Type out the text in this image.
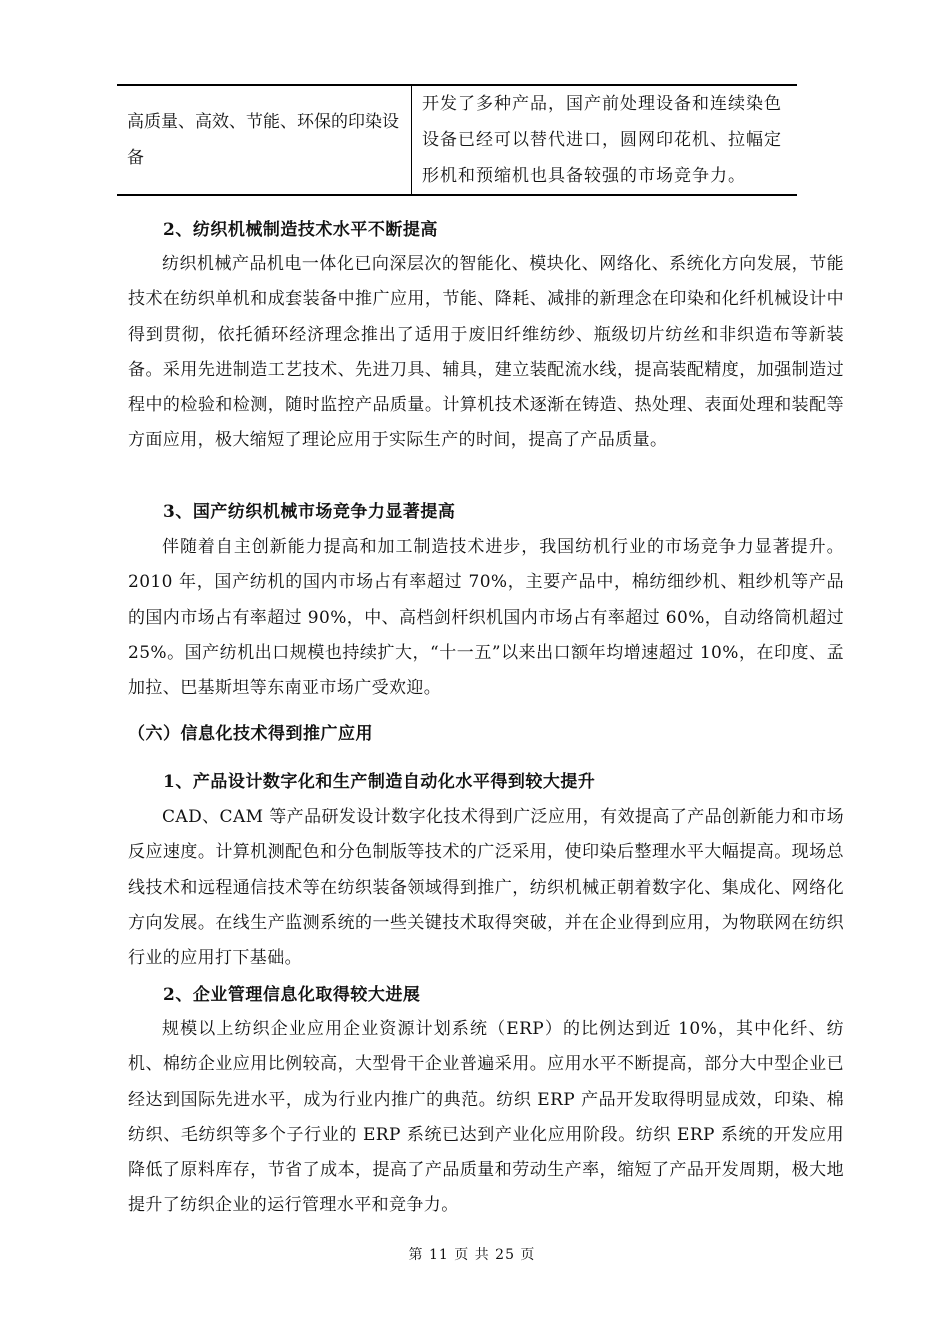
高质量、高效、节能、环保的印染设备	开发了多种产品，国产前处理设备和连续染色设备已经可以替代进口，圆网印花机、拉幅定形机和预缩机也具备较强的市场竞争力。
2、纺织机械制造技术水平不断提高
纺织机械产品机电一体化已向深层次的智能化、模块化、网络化、系统化方向发展，节能技术在纺织单机和成套装备中推广应用，节能、降耗、减排的新理念在印染和化纤机械设计中得到贯彻，依托循环经济理念推出了适用于废旧纤维纺纱、瓶级切片纺丝和非织造布等新装备。采用先进制造工艺技术、先进刀具、辅具，建立装配流水线，提高装配精度，加强制造过程中的检验和检测，随时监控产品质量。计算机技术逐渐在铸造、热处理、表面处理和装配等方面应用，极大缩短了理论应用于实际生产的时间，提高了产品质量。
3、国产纺织机械市场竞争力显著提高
伴随着自主创新能力提高和加工制造技术进步，我国纺机行业的市场竞争力显著提升。2010 年，国产纺机的国内市场占有率超过 70%，主要产品中，棉纺细纱机、粗纱机等产品的国内市场占有率超过 90%，中、高档剑杆织机国内市场占有率超过 60%，自动络筒机超过 25%。国产纺机出口规模也持续扩大，“十一五”以来出口额年均增速超过 10%，在印度、孟加拉、巴基斯坦等东南亚市场广受欢迎。
（六）信息化技术得到推广应用
1、产品设计数字化和生产制造自动化水平得到较大提升
CAD、CAM 等产品研发设计数字化技术得到广泛应用，有效提高了产品创新能力和市场反应速度。计算机测配色和分色制版等技术的广泛采用，使印染后整理水平大幅提高。现场总线技术和远程通信技术等在纺织装备领域得到推广，纺织机械正朝着数字化、集成化、网络化方向发展。在线生产监测系统的一些关键技术取得突破，并在企业得到应用，为物联网在纺织行业的应用打下基础。
2、企业管理信息化取得较大进展
规模以上纺织企业应用企业资源计划系统（ERP）的比例达到近 10%，其中化纤、纺机、棉纺企业应用比例较高，大型骨干企业普遍采用。应用水平不断提高，部分大中型企业已经达到国际先进水平，成为行业内推广的典范。纺织 ERP 产品开发取得明显成效，印染、棉纺织、毛纺织等多个子行业的 ERP 系统已达到产业化应用阶段。纺织 ERP 系统的开发应用降低了原料库存，节省了成本，提高了产品质量和劳动生产率，缩短了产品开发周期，极大地提升了纺织企业的运行管理水平和竞争力。
第 11 页 共 25 页
